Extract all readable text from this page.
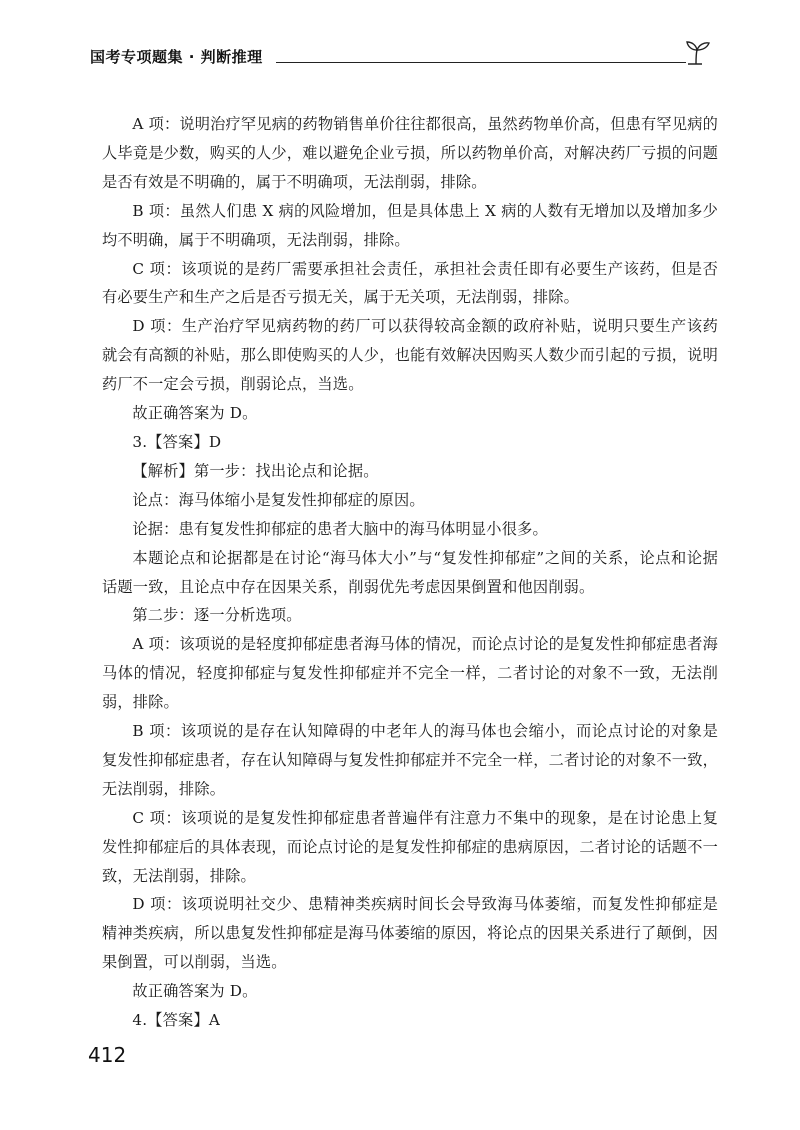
国考专项题集 · 判断推理

A 项：说明治疗罕见病的药物销售单价往往都很高，虽然药物单价高，但患有罕见病的人毕竟是少数，购买的人少，难以避免企业亏损，所以药物单价高，对解决药厂亏损的问题是否有效是不明确的，属于不明确项，无法削弱，排除。

B 项：虽然人们患 X 病的风险增加，但是具体患上 X 病的人数有无增加以及增加多少均不明确，属于不明确项，无法削弱，排除。

C 项：该项说的是药厂需要承担社会责任，承担社会责任即有必要生产该药，但是否有必要生产和生产之后是否亏损无关，属于无关项，无法削弱，排除。

D 项：生产治疗罕见病药物的药厂可以获得较高金额的政府补贴，说明只要生产该药就会有高额的补贴，那么即使购买的人少，也能有效解决因购买人数少而引起的亏损，说明药厂不一定会亏损，削弱论点，当选。

故正确答案为 D。

3.【答案】D

【解析】第一步：找出论点和论据。

论点：海马体缩小是复发性抑郁症的原因。

论据：患有复发性抑郁症的患者大脑中的海马体明显小很多。

本题论点和论据都是在讨论“海马体大小”与“复发性抑郁症”之间的关系，论点和论据话题一致，且论点中存在因果关系，削弱优先考虑因果倒置和他因削弱。

第二步：逐一分析选项。

A 项：该项说的是轻度抑郁症患者海马体的情况，而论点讨论的是复发性抑郁症患者海马体的情况，轻度抑郁症与复发性抑郁症并不完全一样，二者讨论的对象不一致，无法削弱，排除。

B 项：该项说的是存在认知障碍的中老年人的海马体也会缩小，而论点讨论的对象是复发性抑郁症患者，存在认知障碍与复发性抑郁症并不完全一样，二者讨论的对象不一致，无法削弱，排除。

C 项：该项说的是复发性抑郁症患者普遍伴有注意力不集中的现象，是在讨论患上复发性抑郁症后的具体表现，而论点讨论的是复发性抑郁症的患病原因，二者讨论的话题不一致，无法削弱，排除。

D 项：该项说明社交少、患精神类疾病时间长会导致海马体萎缩，而复发性抑郁症是精神类疾病，所以患复发性抑郁症是海马体萎缩的原因，将论点的因果关系进行了颠倒，因果倒置，可以削弱，当选。

故正确答案为 D。

4.【答案】A

412
